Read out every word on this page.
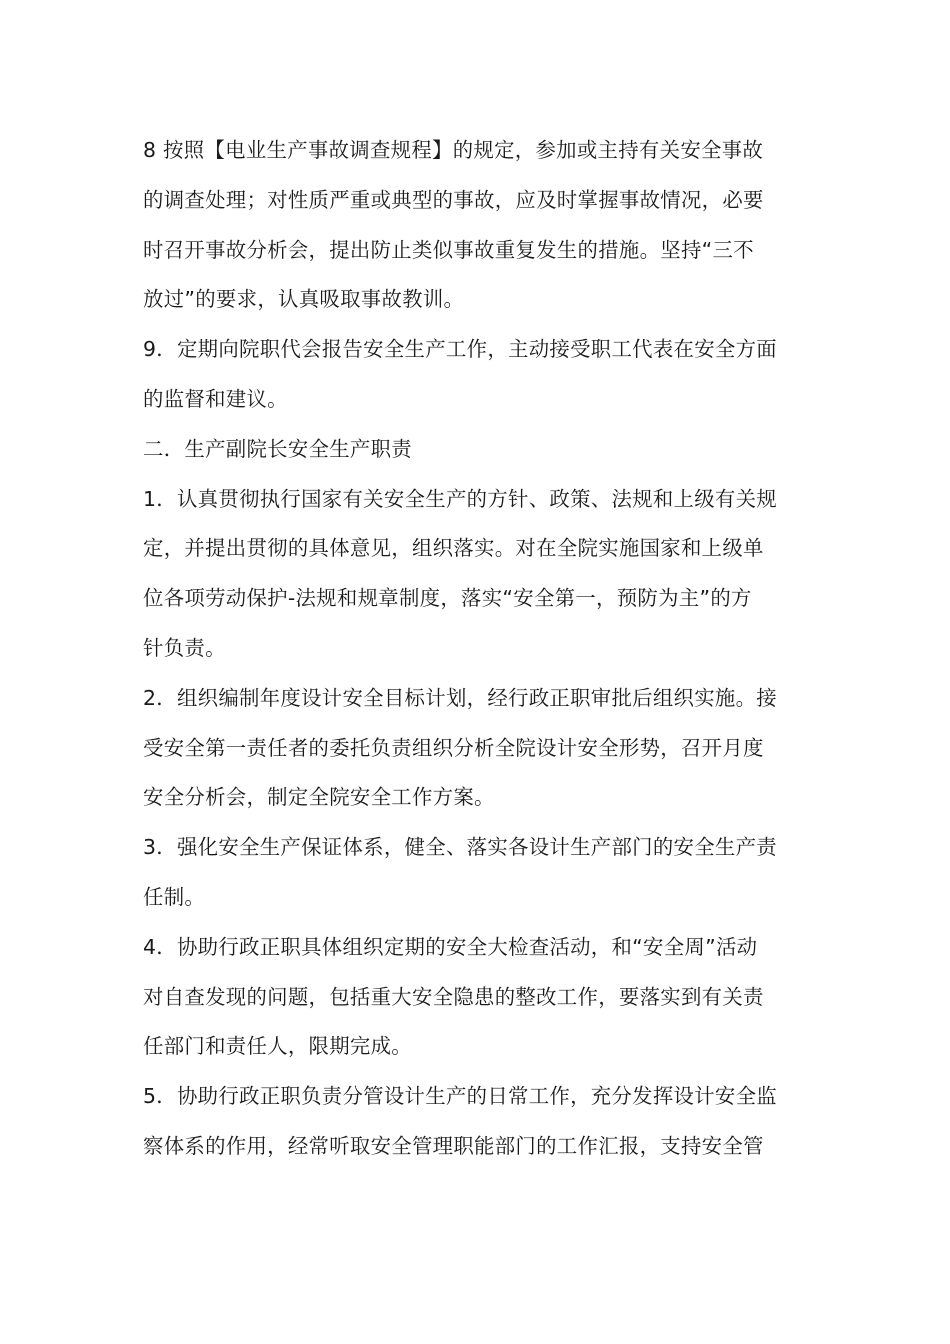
8 按照【电业生产事故调查规程】的规定，参加或主持有关安全事故
的调查处理；对性质严重或典型的事故，应及时掌握事故情况，必要
时召开事故分析会，提出防止类似事故重复发生的措施。坚持“三不
放过”的要求，认真吸取事故教训。
9．定期向院职代会报告安全生产工作，主动接受职工代表在安全方面
的监督和建议。
二．生产副院长安全生产职责
1．认真贯彻执行国家有关安全生产的方针、政策、法规和上级有关规
定，并提出贯彻的具体意见，组织落实。对在全院实施国家和上级单
位各项劳动保护-法规和规章制度，落实“安全第一，预防为主”的方
针负责。
2．组织编制年度设计安全目标计划，经行政正职审批后组织实施。接
受安全第一责任者的委托负责组织分析全院设计安全形势，召开月度
安全分析会，制定全院安全工作方案。
3．强化安全生产保证体系，健全、落实各设计生产部门的安全生产责
任制。
4．协助行政正职具体组织定期的安全大检查活动，和“安全周”活动
对自查发现的问题，包括重大安全隐患的整改工作，要落实到有关责
任部门和责任人，限期完成。
5．协助行政正职负责分管设计生产的日常工作，充分发挥设计安全监
察体系的作用，经常听取安全管理职能部门的工作汇报，支持安全管
